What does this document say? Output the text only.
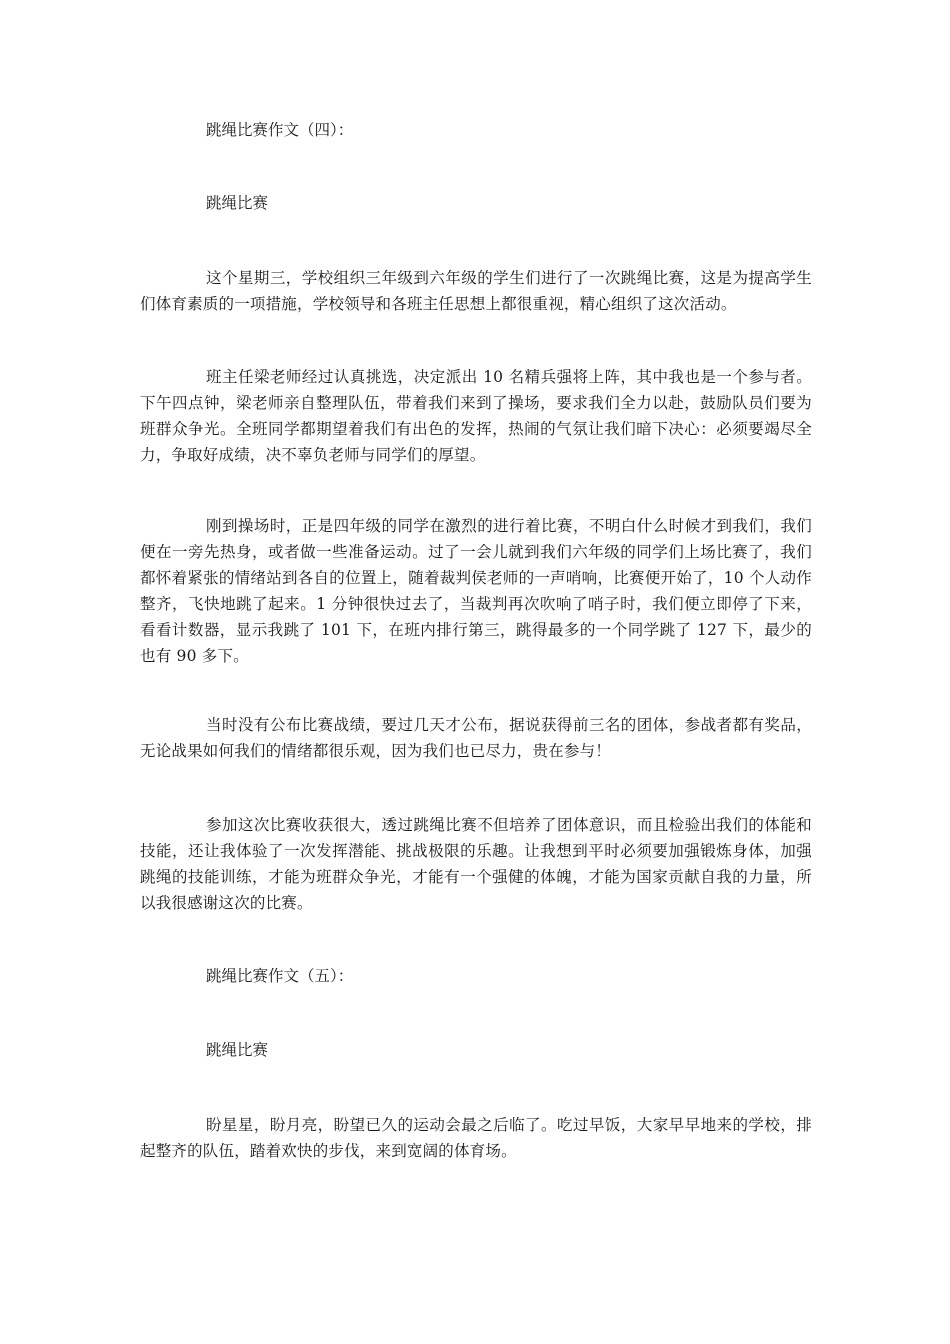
跳绳比赛作文（四）：

跳绳比赛

这个星期三，学校组织三年级到六年级的学生们进行了一次跳绳比赛，这是为提高学生们体育素质的一项措施，学校领导和各班主任思想上都很重视，精心组织了这次活动。

班主任梁老师经过认真挑选，决定派出 10 名精兵强将上阵，其中我也是一个参与者。下午四点钟，梁老师亲自整理队伍，带着我们来到了操场，要求我们全力以赴，鼓励队员们要为班群众争光。全班同学都期望着我们有出色的发挥，热闹的气氛让我们暗下决心：必须要竭尽全力，争取好成绩，决不辜负老师与同学们的厚望。

刚到操场时，正是四年级的同学在激烈的进行着比赛，不明白什么时候才到我们，我们便在一旁先热身，或者做一些准备运动。过了一会儿就到我们六年级的同学们上场比赛了，我们都怀着紧张的情绪站到各自的位置上，随着裁判侯老师的一声哨响，比赛便开始了，10 个人动作整齐，飞快地跳了起来。1 分钟很快过去了，当裁判再次吹响了哨子时，我们便立即停了下来，看看计数器，显示我跳了 101 下，在班内排行第三，跳得最多的一个同学跳了 127 下，最少的也有 90 多下。

当时没有公布比赛战绩，要过几天才公布，据说获得前三名的团体，参战者都有奖品，无论战果如何我们的情绪都很乐观，因为我们也已尽力，贵在参与！

参加这次比赛收获很大，透过跳绳比赛不但培养了团体意识，而且检验出我们的体能和技能，还让我体验了一次发挥潜能、挑战极限的乐趣。让我想到平时必须要加强锻炼身体，加强跳绳的技能训练，才能为班群众争光，才能有一个强健的体魄，才能为国家贡献自我的力量，所以我很感谢这次的比赛。

跳绳比赛作文（五）：

跳绳比赛

盼星星，盼月亮，盼望已久的运动会最之后临了。吃过早饭，大家早早地来的学校，排起整齐的队伍，踏着欢快的步伐，来到宽阔的体育场。
